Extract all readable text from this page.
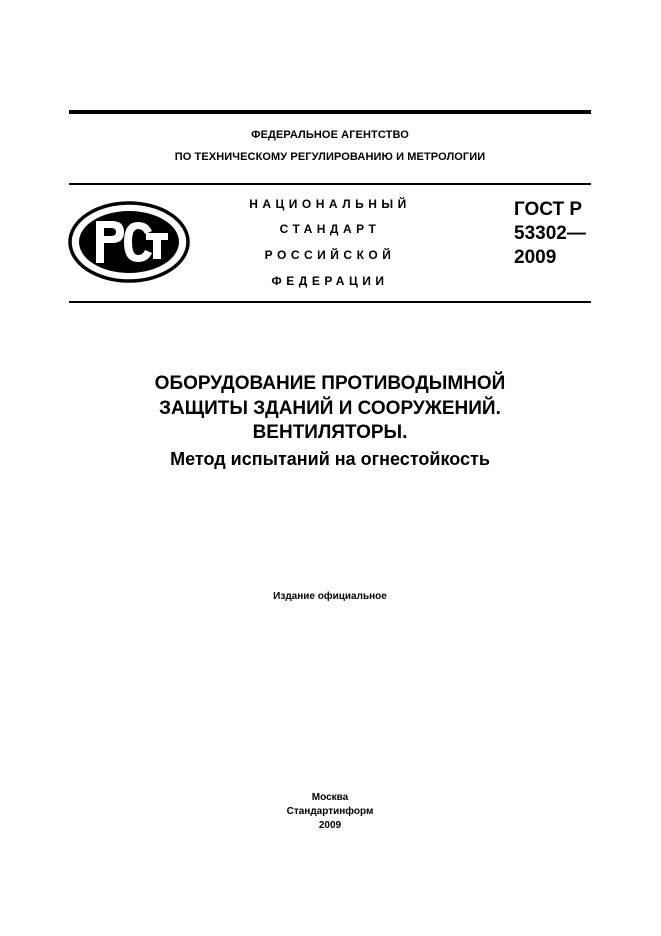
ФЕДЕРАЛЬНОЕ АГЕНТСТВО
ПО ТЕХНИЧЕСКОМУ РЕГУЛИРОВАНИЮ И МЕТРОЛОГИИ
НАЦИОНАЛЬНЫЙ
СТАНДАРТ
РОССИЙСКОЙ
ФЕДЕРАЦИИ
ГОСТ Р
53302—
2009
ОБОРУДОВАНИЕ ПРОТИВОДЫМНОЙ
ЗАЩИТЫ ЗДАНИЙ И СООРУЖЕНИЙ.
ВЕНТИЛЯТОРЫ.
Метод испытаний на огнестойкость
Издание официальное
Москва
Стандартинформ
2009
